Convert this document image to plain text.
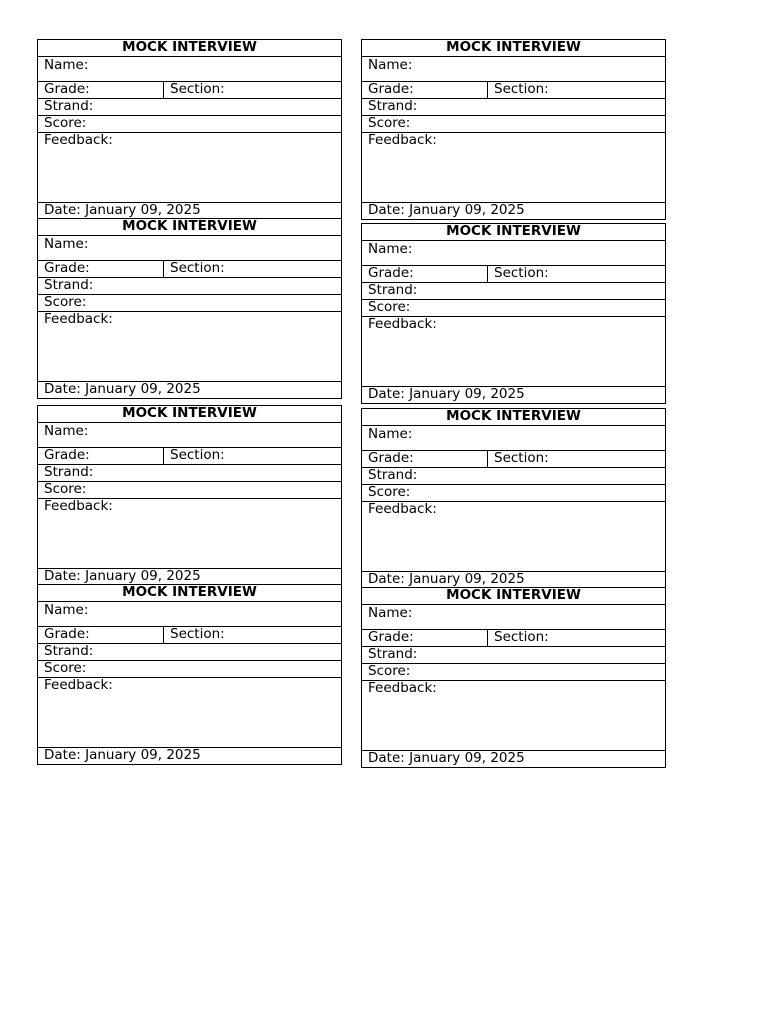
MOCK INTERVIEW
Name:
Grade:	Section:
Strand:
Score:
Feedback:
Date: January 09, 2025
MOCK INTERVIEW
Name:
Grade:	Section:
Strand:
Score:
Feedback:
Date: January 09, 2025
MOCK INTERVIEW
Name:
Grade:	Section:
Strand:
Score:
Feedback:
Date: January 09, 2025
MOCK INTERVIEW
Name:
Grade:	Section:
Strand:
Score:
Feedback:
Date: January 09, 2025
MOCK INTERVIEW
Name:
Grade:	Section:
Strand:
Score:
Feedback:
Date: January 09, 2025
MOCK INTERVIEW
Name:
Grade:	Section:
Strand:
Score:
Feedback:
Date: January 09, 2025
MOCK INTERVIEW
Name:
Grade:	Section:
Strand:
Score:
Feedback:
Date: January 09, 2025
MOCK INTERVIEW
Name:
Grade:	Section:
Strand:
Score:
Feedback:
Date: January 09, 2025
